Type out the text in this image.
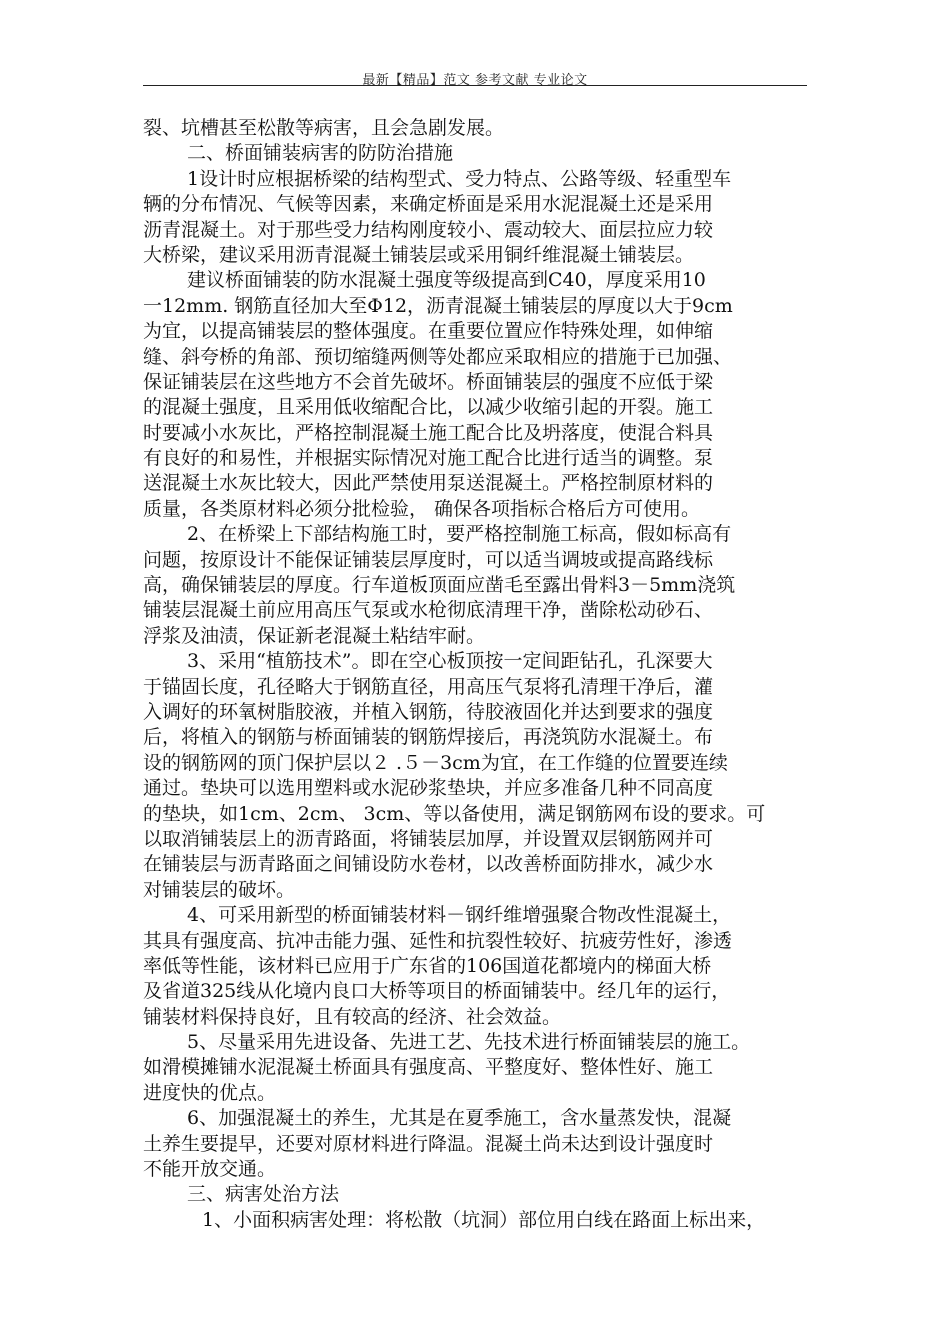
最新【精品】范文 参考文献 专业论文
裂、坑槽甚至松散等病害，且会急剧发展。
二、桥面铺装病害的防防治措施
1设计时应根据桥梁的结构型式、受力特点、公路等级、轻重型车
辆的分布情况、气候等因素，来确定桥面是采用水泥混凝土还是采用
沥青混凝土。对于那些受力结构刚度较小、震动较大、面层拉应力较
大桥梁，建议采用沥青混凝土铺装层或采用铜纤维混凝土铺装层。
建议桥面铺装的防水混凝土强度等级提高到C40，厚度采用10
一12mm. 钢筋直径加大至Φ12，沥青混凝土铺装层的厚度以大于9cm
为宜，以提高铺装层的整体强度。在重要位置应作特殊处理，如伸缩
缝、斜夸桥的角部、预切缩缝两侧等处都应采取相应的措施于已加强、
保证铺装层在这些地方不会首先破坏。桥面铺装层的强度不应低于梁
的混凝土强度，且采用低收缩配合比，以减少收缩引起的开裂。施工
时要减小水灰比，严格控制混凝土施工配合比及坍落度，使混合料具
有良好的和易性，并根据实际情况对施工配合比进行适当的调整。泵
送混凝土水灰比较大，因此严禁使用泵送混凝土。严格控制原材料的
质量，各类原材料必须分批检验， 确保各项指标合格后方可使用。
2、在桥梁上下部结构施工时，要严格控制施工标高，假如标高有
问题，按原设计不能保证铺装层厚度时，可以适当调坡或提高路线标
高，确保铺装层的厚度。行车道板顶面应凿毛至露出骨料3－5mm浇筑
铺装层混凝土前应用高压气泵或水枪彻底清理干净，凿除松动砂石、
浮浆及油渍，保证新老混凝土粘结牢耐。
3、采用“植筋技术”。即在空心板顶按一定间距钻孔，孔深要大
于锚固长度，孔径略大于钢筋直径，用高压气泵将孔清理干净后，灌
入调好的环氧树脂胶液，并植入钢筋，待胶液固化并达到要求的强度
后，将植入的钢筋与桥面铺装的钢筋焊接后，再浇筑防水混凝土。布
设的钢筋网的顶门保护层以２ .５－3cm为宜，在工作缝的位置要连续
通过。垫块可以选用塑料或水泥砂浆垫块，并应多准备几种不同高度
的垫块，如1cm、2cm、 3cm、等以备使用，满足钢筋网布设的要求。可
以取消铺装层上的沥青路面，将铺装层加厚，并设置双层钢筋网并可
在铺装层与沥青路面之间铺设防水卷材，以改善桥面防排水，减少水
对铺装层的破坏。
4、可采用新型的桥面铺装材料－钢纤维增强聚合物改性混凝土，
其具有强度高、抗冲击能力强、延性和抗裂性较好、抗疲劳性好，渗透
率低等性能，该材料已应用于广东省的106国道花都境内的梯面大桥
及省道325线从化境内良口大桥等项目的桥面铺装中。经几年的运行，
铺装材料保持良好，且有较高的经济、社会效益。
5、尽量采用先进设备、先进工艺、先技术进行桥面铺装层的施工。
如滑模摊铺水泥混凝土桥面具有强度高、平整度好、整体性好、施工
进度快的优点。
6、加强混凝土的养生，尤其是在夏季施工，含水量蒸发快，混凝
土养生要提早，还要对原材料进行降温。混凝土尚未达到设计强度时
不能开放交通。
三、病害处治方法
1、小面积病害处理：将松散（坑洞）部位用白线在路面上标出来，
